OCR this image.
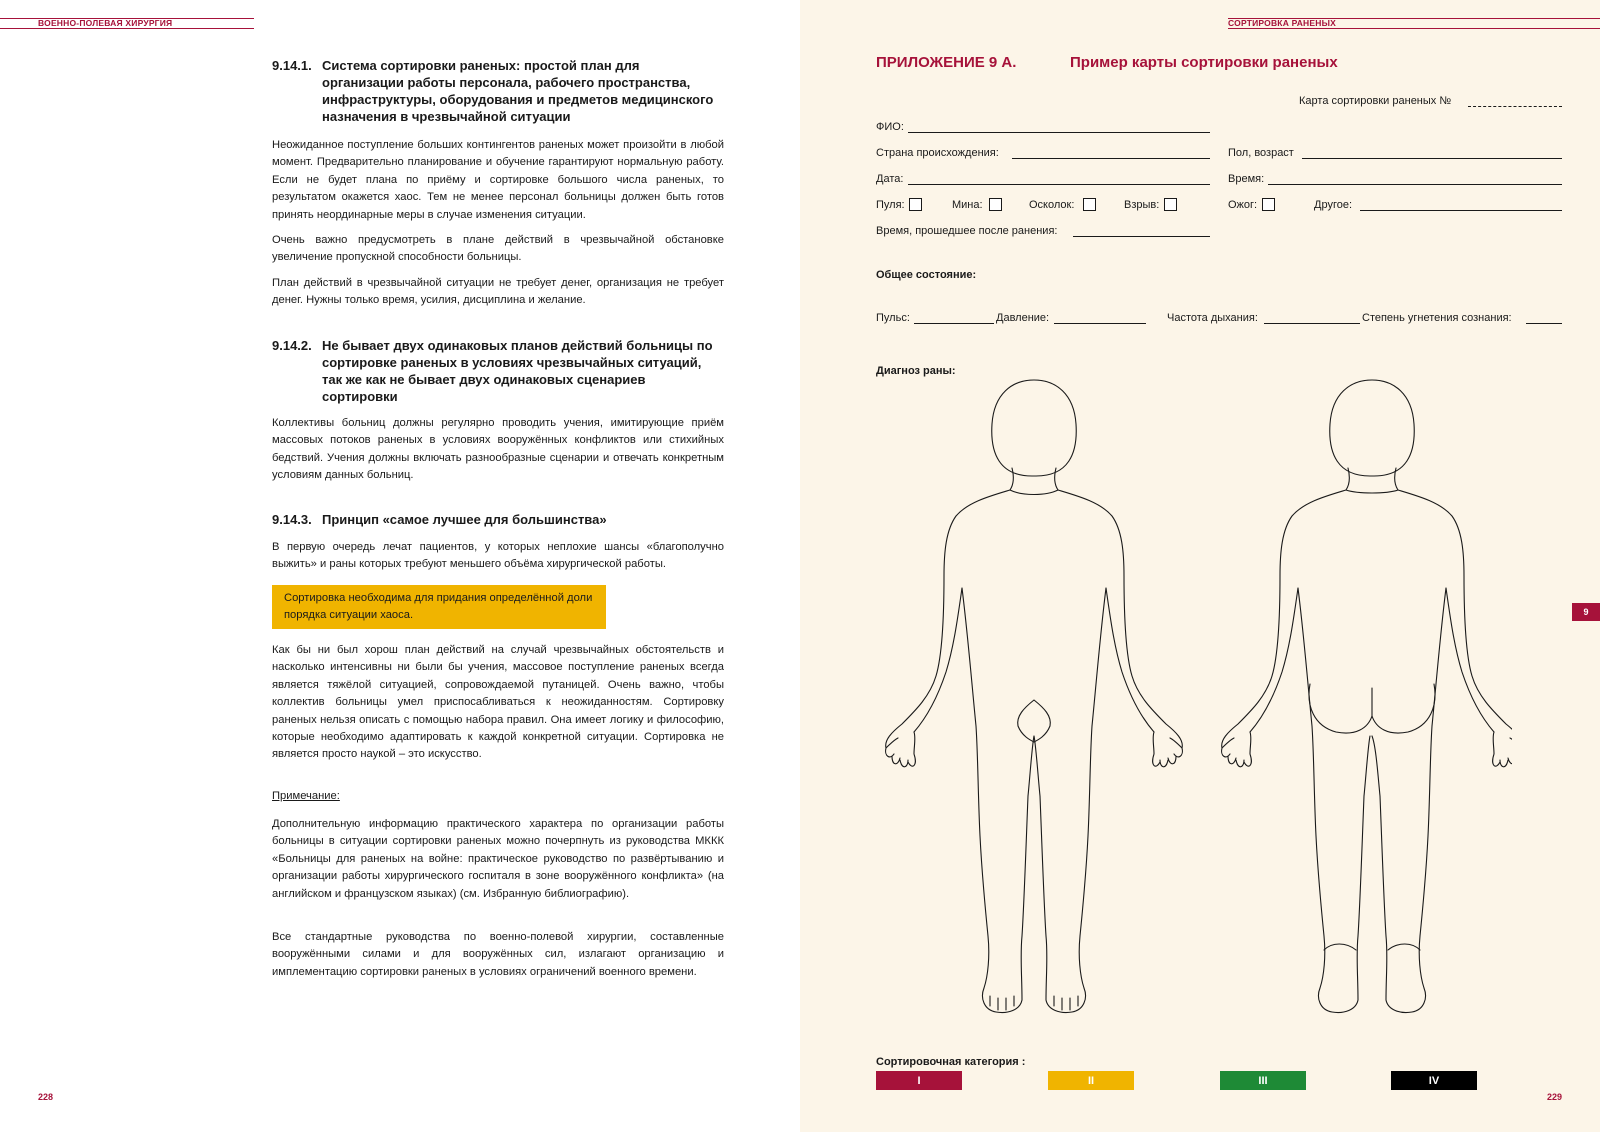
ВОЕННО-ПОЛЕВАЯ ХИРУРГИЯ
9.14.1. Система сортировки раненых: простой план для организации работы персонала, рабочего пространства, инфраструктуры, оборудования и предметов медицинского назначения в чрезвычайной ситуации

Неожиданное поступление больших контингентов раненых может произойти в любой момент. Предварительно планирование и обучение гарантируют нормальную работу. Если не будет плана по приёму и сортировке большого числа раненых, то результатом окажется хаос. Тем не менее персонал больницы должен быть готов принять неординарные меры в случае изменения ситуации.

Очень важно предусмотреть в плане действий в чрезвычайной обстановке увеличение пропускной способности больницы.

План действий в чрезвычайной ситуации не требует денег, организация не требует денег. Нужны только время, усилия, дисциплина и желание.

9.14.2. Не бывает двух одинаковых планов действий больницы по сортировке раненых в условиях чрезвычайных ситуаций, так же как не бывает двух одинаковых сценариев сортировки

Коллективы больниц должны регулярно проводить учения, имитирующие приём массовых потоков раненых в условиях вооружённых конфликтов или стихийных бедствий. Учения должны включать разнообразные сценарии и отвечать конкретным условиям данных больниц.

9.14.3. Принцип «самое лучшее для большинства»

В первую очередь лечат пациентов, у которых неплохие шансы «благополучно выжить» и раны которых требуют меньшего объёма хирургической работы.

Сортировка необходима для придания определённой доли порядка ситуации хаоса.

Как бы ни был хорош план действий на случай чрезвычайных обстоятельств и насколько интенсивны ни были бы учения, массовое поступление раненых всегда является тяжёлой ситуацией, сопровождаемой путаницей. Очень важно, чтобы коллектив больницы умел приспосабливаться к неожиданностям. Сортировку раненых нельзя описать с помощью набора правил. Она имеет логику и философию, которые необходимо адаптировать к каждой конкретной ситуации. Сортировка не является просто наукой – это искусство.

Примечание:

Дополнительную информацию практического характера по организации работы больницы в ситуации сортировки раненых можно почерпнуть из руководства МККК «Больницы для раненых на войне: практическое руководство по развёртыванию и организации работы хирургического госпиталя в зоне вооружённого конфликта» (на английском и французском языках) (см. Избранную библиографию).

Все стандартные руководства по военно-полевой хирургии, составленные вооружёнными силами и для вооружённых сил, излагают организацию и имплементацию сортировки раненых в условиях ограничений военного времени.

228
СОРТИРОВКА РАНЕНЫХ
9
ПРИЛОЖЕНИЕ 9 А.	Пример карты сортировки раненых
Карта сортировки раненых №
ФИО:
Страна происхождения:	Пол, возраст
Дата:	Время:
Пуля:	Мина:	Осколок:	Взрыв:	Ожог:	Другое:
Время, прошедшее после ранения:
Общее состояние:
Пульс:	Давление:	Частота дыхания:	Степень угнетения сознания:
Диагноз раны:
Сортировочная категория :
I	II	III	IV
229
